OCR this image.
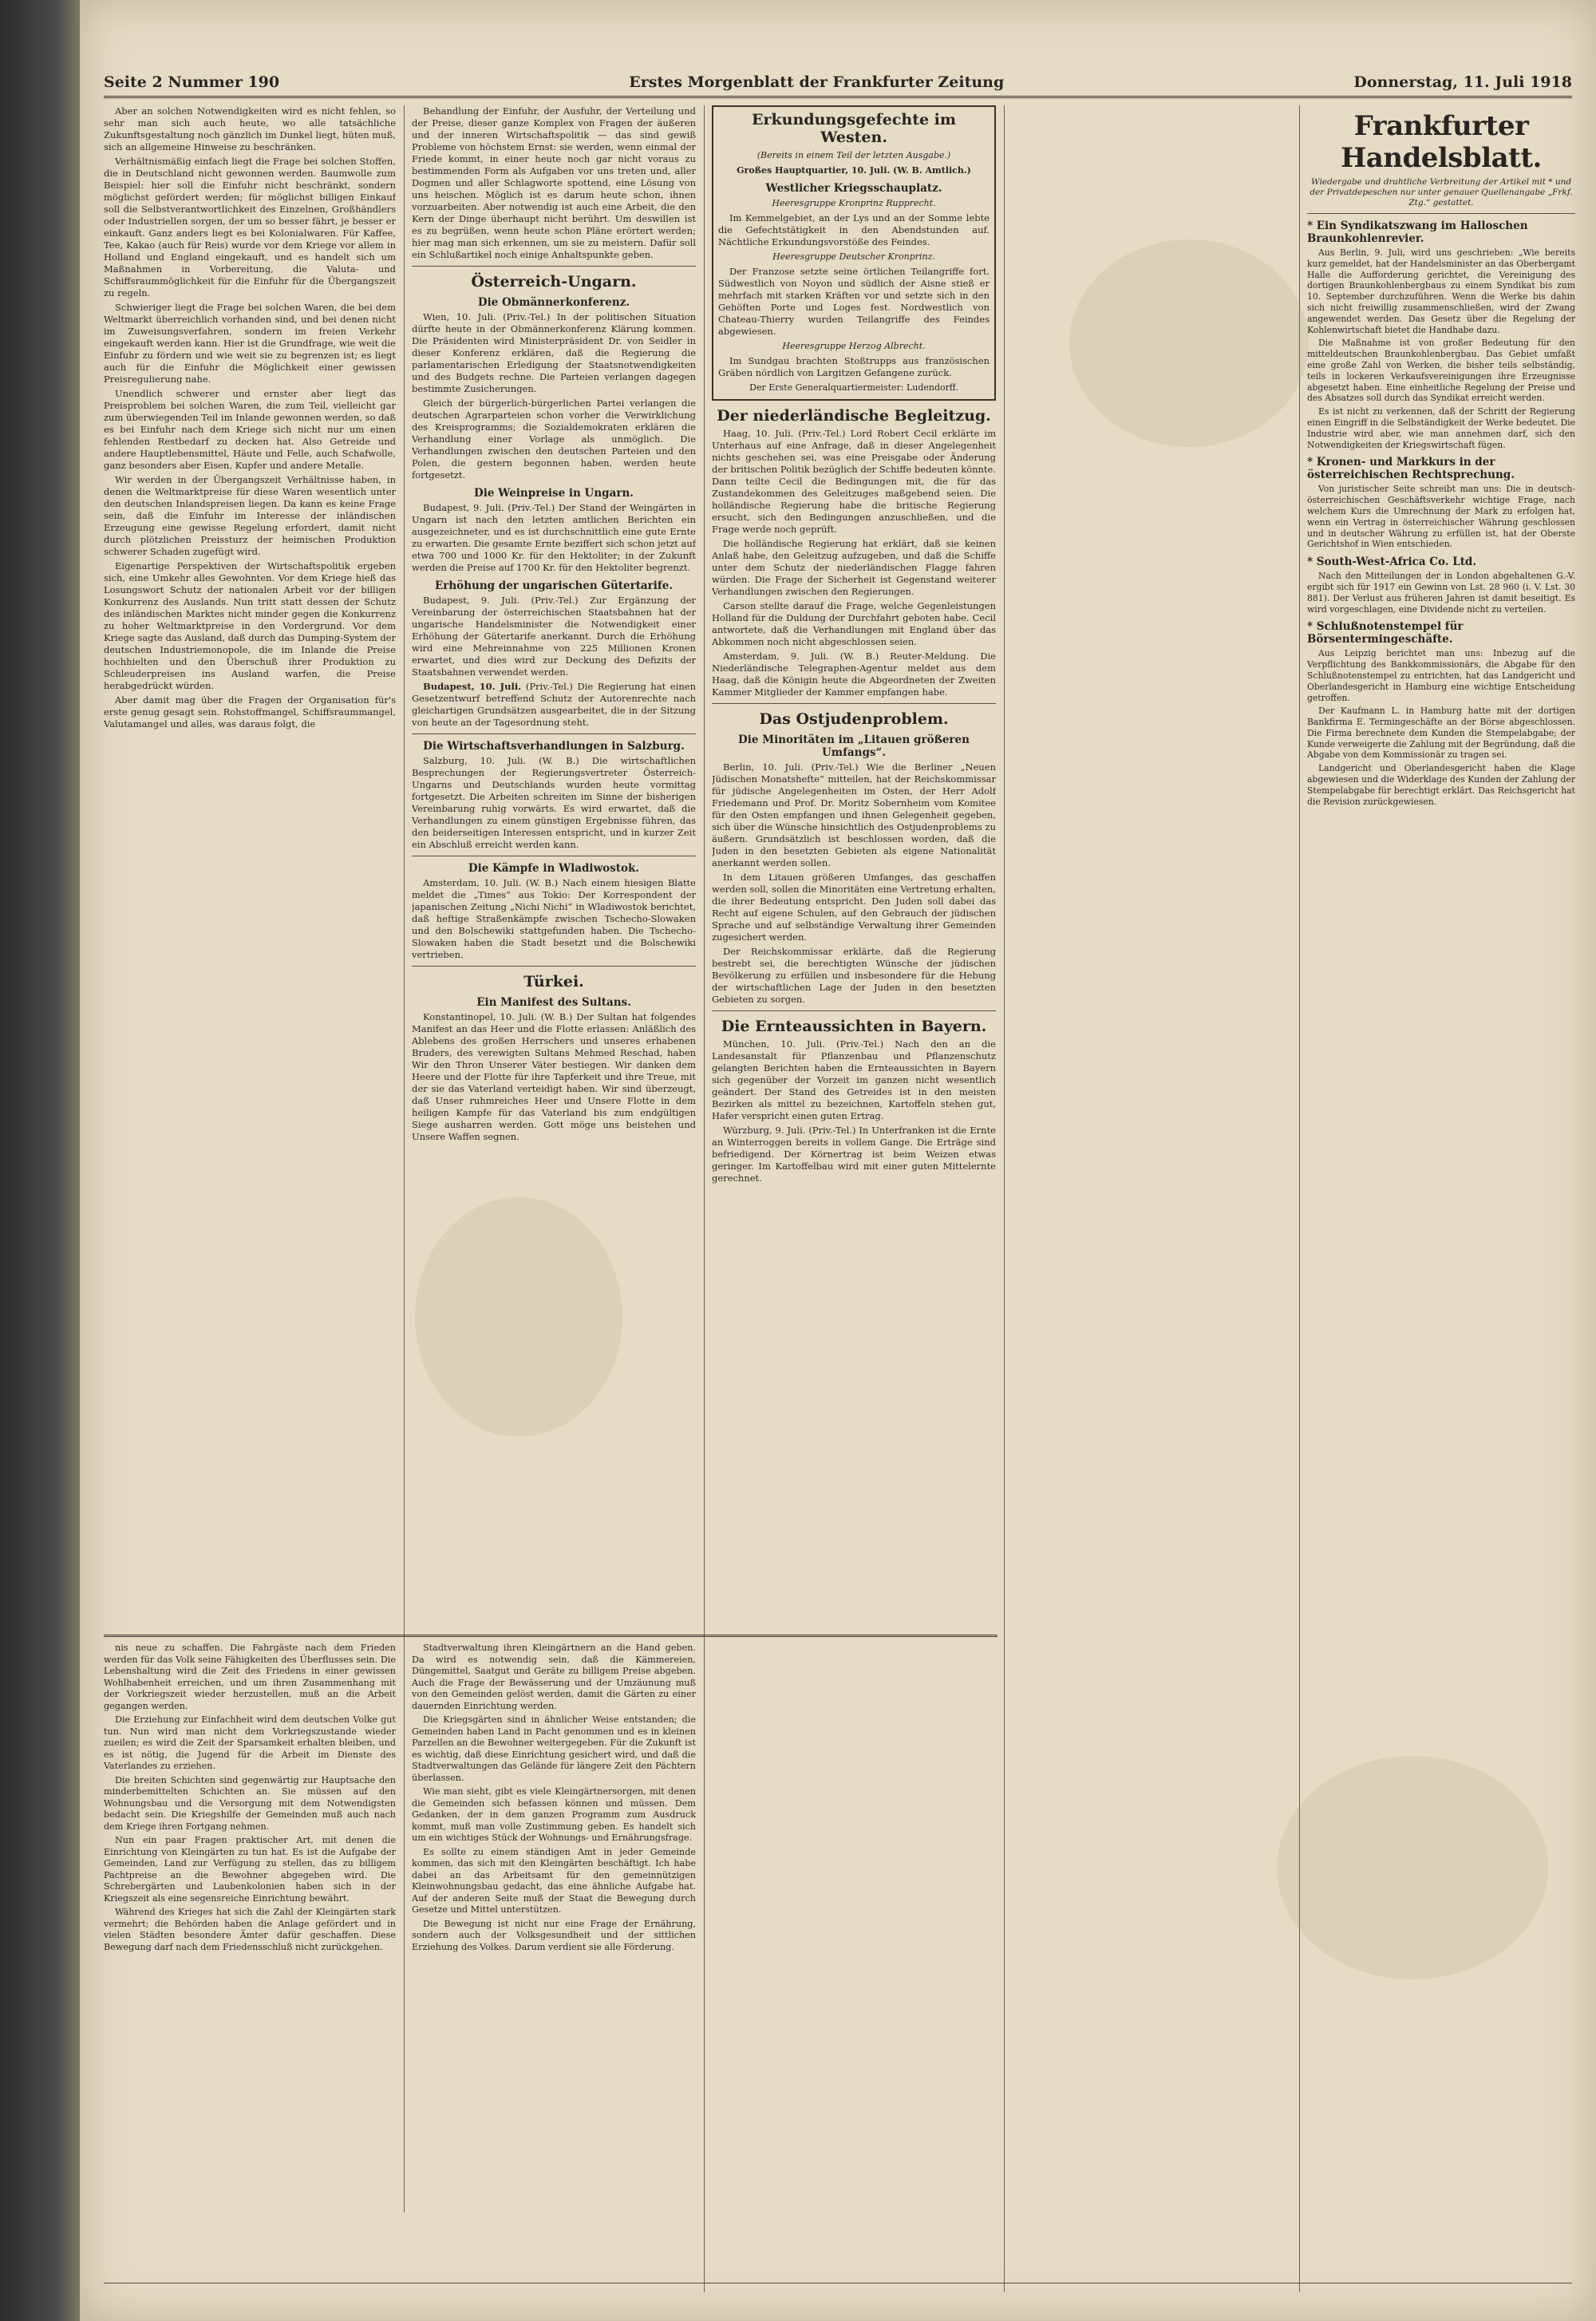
Seite 2 Nummer 190	Erstes Morgenblatt der Frankfurter Zeitung	Donnerstag, 11. Juli 1918

Aber an solchen Notwendigkeiten wird es nicht fehlen, so sehr man sich auch heute, wo alle tatsächliche Zukunftsgestaltung noch gänzlich im Dunkel liegt, hüten muß, sich an allgemeine Hinweise zu beschränken.

Verhältnismäßig einfach liegt die Frage bei solchen Stoffen, die in Deutschland nicht gewonnen werden. Baumwolle zum Beispiel: hier soll die Einfuhr nicht beschränkt, sondern möglichst gefördert werden; für möglichst billigen Einkauf soll die Selbstverantwortlichkeit des Einzelnen, Großhändlers oder Industriellen sorgen, der um so besser fährt, je besser er einkauft. Ganz anders liegt es bei Kolonialwaren. Für Kaffee, Tee, Kakao (auch für Reis) wurde vor dem Kriege vor allem in Holland und England eingekauft, und es handelt sich um Maßnahmen in Vorbereitung, die Valuta- und Schiffsraummöglichkeit für die Einfuhr für die Übergangszeit zu regeln.

Schwieriger liegt die Frage bei solchen Waren, die bei dem Weltmarkt überreichlich vorhanden sind, und bei denen nicht im Zuweisungsverfahren, sondern im freien Verkehr eingekauft werden kann. Hier ist die Grundfrage, wie weit die Einfuhr zu fördern und wie weit sie zu begrenzen ist; es liegt auch für die Einfuhr die Möglichkeit einer gewissen Preisregulierung nahe.

Unendlich schwerer und ernster aber liegt das Preisproblem bei solchen Waren, die zum Teil, vielleicht gar zum überwiegenden Teil im Inlande gewonnen werden, so daß es bei Einfuhr nach dem Kriege sich nicht nur um einen fehlenden Restbedarf zu decken hat. Also Getreide und andere Hauptlebensmittel, Häute und Felle, auch Schafwolle, ganz besonders aber Eisen, Kupfer und andere Metalle.

Wir werden in der Übergangszeit Verhältnisse haben, in denen die Weltmarktpreise für diese Waren wesentlich unter den deutschen Inlandspreisen liegen. Da kann es keine Frage sein, daß die Einfuhr im Interesse der inländischen Erzeugung eine gewisse Regelung erfordert, damit nicht durch plötzlichen Preissturz der heimischen Produktion schwerer Schaden zugefügt wird.

Eigenartige Perspektiven der Wirtschaftspolitik ergeben sich, eine Umkehr alles Gewohnten. Vor dem Kriege hieß das Losungswort Schutz der nationalen Arbeit vor der billigen Konkurrenz des Auslands. Nun tritt statt dessen der Schutz des inländischen Marktes nicht minder gegen die Konkurrenz zu hoher Weltmarktpreise in den Vordergrund. Vor dem Kriege sagte das Ausland, daß durch das Dumping-System der deutschen Industriemonopole, die im Inlande die Preise hochhielten und den Überschuß ihrer Produktion zu Schleuderpreisen ins Ausland warfen, die Preise herabgedrückt würden.

Aber damit mag über die Fragen der Organisation für's erste genug gesagt sein. Rohstoffmangel, Schiffsraummangel, Valutamangel und alles, was daraus folgt, die

Behandlung der Einfuhr, der Ausfuhr, der Verteilung und der Preise, dieser ganze Komplex von Fragen der äußeren und der inneren Wirtschaftspolitik — das sind gewiß Probleme von höchstem Ernst: sie werden, wenn einmal der Friede kommt, in einer heute noch gar nicht voraus zu bestimmenden Form als Aufgaben vor uns treten und, aller Dogmen und aller Schlagworte spottend, eine Lösung von uns heischen. Möglich ist es darum heute schon, ihnen vorzuarbeiten. Aber notwendig ist auch eine Arbeit, die den Kern der Dinge überhaupt nicht berührt. Um deswillen ist es zu begrüßen, wenn heute schon Pläne erörtert werden; hier mag man sich erkennen, um sie zu meistern. Dafür soll ein Schlußartikel noch einige Anhaltspunkte geben.

Österreich-Ungarn.
Die Obmännerkonferenz.

Wien, 10. Juli. (Priv.-Tel.) In der politischen Situation dürfte heute in der Obmännerkonferenz Klärung kommen. Die Präsidenten wird Ministerpräsident Dr. von Seidler in dieser Konferenz erklären, daß die Regierung die parlamentarischen Erledigung der Staatsnotwendigkeiten und des Budgets rechne. Die Parteien verlangen dagegen bestimmte Zusicherungen.

Gleich der bürgerlich-bürgerlichen Partei verlangen die deutschen Agrarparteien schon vorher die Verwirklichung des Kreisprogramms; die Sozialdemokraten erklären die Verhandlung einer Vorlage als unmöglich. Die Verhandlungen zwischen den deutschen Parteien und den Polen, die gestern begonnen haben, werden heute fortgesetzt.

Die Weinpreise in Ungarn.

Budapest, 9. Juli. (Priv.-Tel.) Der Stand der Weingärten in Ungarn ist nach den letzten amtlichen Berichten ein ausgezeichneter, und es ist durchschnittlich eine gute Ernte zu erwarten. Die gesamte Ernte beziffert sich schon jetzt auf etwa 700 und 1000 Kr. für den Hektoliter; in der Zukunft werden die Preise auf 1700 Kr. für den Hektoliter begrenzt.

Erhöhung der ungarischen Gütertarife.

Budapest, 9. Juli. (Priv.-Tel.) Zur Ergänzung der Vereinbarung der österreichischen Staatsbahnen hat der ungarische Handelsminister die Notwendigkeit einer Erhöhung der Gütertarife anerkannt. Durch die Erhöhung wird eine Mehreinnahme von 225 Millionen Kronen erwartet, und dies wird zur Deckung des Defizits der Staatsbahnen verwendet werden.

Budapest, 10. Juli. (Priv.-Tel.) Die Regierung hat einen Gesetzentwurf betreffend Schutz der Autorenrechte nach gleichartigen Grundsätzen ausgearbeitet, die in der Sitzung von heute an der Tagesordnung steht.

Die Wirtschaftsverhandlungen in Salzburg.

Salzburg, 10. Juli. (W. B.) Die wirtschaftlichen Besprechungen der Regierungsvertreter Österreich-Ungarns und Deutschlands wurden heute vormittag fortgesetzt. Die Arbeiten schreiten im Sinne der bisherigen Vereinbarung ruhig vorwärts. Es wird erwartet, daß die Verhandlungen zu einem günstigen Ergebnisse führen, das den beiderseitigen Interessen entspricht, und in kurzer Zeit ein Abschluß erreicht werden kann.

Die Kämpfe in Wladiwostok.

Amsterdam, 10. Juli. (W. B.) Nach einem hiesigen Blatte meldet die „Times“ aus Tokio: Der Korrespondent der japanischen Zeitung „Nichi Nichi“ in Wladiwostok berichtet, daß heftige Straßenkämpfe zwischen Tschecho-Slowaken und den Bolschewiki stattgefunden haben. Die Tschecho-Slowaken haben die Stadt besetzt und die Bolschewiki vertrieben.

Türkei.
Ein Manifest des Sultans.

Konstantinopel, 10. Juli. (W. B.) Der Sultan hat folgendes Manifest an das Heer und die Flotte erlassen: Anläßlich des Ablebens des großen Herrschers und unseres erhabenen Bruders, des verewigten Sultans Mehmed Reschad, haben Wir den Thron Unserer Väter bestiegen. Wir danken dem Heere und der Flotte für ihre Tapferkeit und ihre Treue, mit der sie das Vaterland verteidigt haben. Wir sind überzeugt, daß Unser ruhmreiches Heer und Unsere Flotte in dem heiligen Kampfe für das Vaterland bis zum endgültigen Siege ausharren werden. Gott möge uns beistehen und Unsere Waffen segnen.

Erkundungsgefechte im Westen.
(Bereits in einem Teil der letzten Ausgabe.)
Großes Hauptquartier, 10. Juli. (W. B. Amtlich.)
Westlicher Kriegsschauplatz.
Heeresgruppe Kronprinz Rupprecht.

Im Kemmelgebiet, an der Lys und an der Somme lebte die Gefechtstätigkeit in den Abendstunden auf. Nächtliche Erkundungsvorstöße des Feindes.

Heeresgruppe Deutscher Kronprinz.

Der Franzose setzte seine örtlichen Teilangriffe fort. Südwestlich von Noyon und südlich der Aisne stieß er mehrfach mit starken Kräften vor und setzte sich in den Gehöften Porte und Loges fest. Nordwestlich von Chateau-Thierry wurden Teilangriffe des Feindes abgewiesen.

Heeresgruppe Herzog Albrecht.

Im Sundgau brachten Stoßtrupps aus französischen Gräben nördlich von Largitzen Gefangene zurück.

Der Erste Generalquartiermeister: Ludendorff.
Der niederländische Begleitzug.

Haag, 10. Juli. (Priv.-Tel.) Lord Robert Cecil erklärte im Unterhaus auf eine Anfrage, daß in dieser Angelegenheit nichts geschehen sei, was eine Preisgabe oder Änderung der britischen Politik bezüglich der Schiffe bedeuten könnte. Dann teilte Cecil die Bedingungen mit, die für das Zustandekommen des Geleitzuges maßgebend seien. Die holländische Regierung habe die britische Regierung ersucht, sich den Bedingungen anzuschließen, und die Frage werde noch geprüft.

Die holländische Regierung hat erklärt, daß sie keinen Anlaß habe, den Geleitzug aufzugeben, und daß die Schiffe unter dem Schutz der niederländischen Flagge fahren würden. Die Frage der Sicherheit ist Gegenstand weiterer Verhandlungen zwischen den Regierungen.

Carson stellte darauf die Frage, welche Gegenleistungen Holland für die Duldung der Durchfahrt geboten habe. Cecil antwortete, daß die Verhandlungen mit England über das Abkommen noch nicht abgeschlossen seien.

Amsterdam, 9. Juli. (W. B.) Reuter-Meldung. Die Niederländische Telegraphen-Agentur meldet aus dem Haag, daß die Königin heute die Abgeordneten der Zweiten Kammer Mitglieder der Kammer empfangen habe.

Das Ostjudenproblem.
Die Minoritäten im „Litauen größeren Umfangs“.

Berlin, 10. Juli. (Priv.-Tel.) Wie die Berliner „Neuen Jüdischen Monatshefte“ mitteilen, hat der Reichskommissar für jüdische Angelegenheiten im Osten, der Herr Adolf Friedemann und Prof. Dr. Moritz Sobernheim vom Komitee für den Osten empfangen und ihnen Gelegenheit gegeben, sich über die Wünsche hinsichtlich des Ostjudenproblems zu äußern. Grundsätzlich ist beschlossen worden, daß die Juden in den besetzten Gebieten als eigene Nationalität anerkannt werden sollen.

In dem Litauen größeren Umfanges, das geschaffen werden soll, sollen die Minoritäten eine Vertretung erhalten, die ihrer Bedeutung entspricht. Den Juden soll dabei das Recht auf eigene Schulen, auf den Gebrauch der jüdischen Sprache und auf selbständige Verwaltung ihrer Gemeinden zugesichert werden.

Der Reichskommissar erklärte, daß die Regierung bestrebt sei, die berechtigten Wünsche der jüdischen Bevölkerung zu erfüllen und insbesondere für die Hebung der wirtschaftlichen Lage der Juden in den besetzten Gebieten zu sorgen.

Die Ernteaussichten in Bayern.

München, 10. Juli. (Priv.-Tel.) Nach den an die Landesanstalt für Pflanzenbau und Pflanzenschutz gelangten Berichten haben die Ernteaussichten in Bayern sich gegenüber der Vorzeit im ganzen nicht wesentlich geändert. Der Stand des Getreides ist in den meisten Bezirken als mittel zu bezeichnen, Kartoffeln stehen gut, Hafer verspricht einen guten Ertrag.

Würzburg, 9. Juli. (Priv.-Tel.) In Unterfranken ist die Ernte an Winterroggen bereits in vollem Gange. Die Erträge sind befriedigend. Der Körnertrag ist beim Weizen etwas geringer. Im Kartoffelbau wird mit einer guten Mittelernte gerechnet.

Frankfurter Handelsblatt.
Wiedergabe und drahtliche Verbreitung der Artikel mit * und der Privatdepeschen nur unter genauer Quellenangabe „Frkf. Ztg.“ gestattet.
* Ein Syndikatszwang im Halloschen Braunkohlenrevier.

Aus Berlin, 9. Juli, wird uns geschrieben: „Wie bereits kurz gemeldet, hat der Handelsminister an das Oberbergamt Halle die Aufforderung gerichtet, die Vereinigung des dortigen Braunkohlenbergbaus zu einem Syndikat bis zum 10. September durchzuführen. Wenn die Werke bis dahin sich nicht freiwillig zusammenschließen, wird der Zwang angewendet werden. Das Gesetz über die Regelung der Kohlenwirtschaft bietet die Handhabe dazu.

Die Maßnahme ist von großer Bedeutung für den mitteldeutschen Braunkohlenbergbau. Das Gebiet umfaßt eine große Zahl von Werken, die bisher teils selbständig, teils in lockeren Verkaufsvereinigungen ihre Erzeugnisse abgesetzt haben. Eine einheitliche Regelung der Preise und des Absatzes soll durch das Syndikat erreicht werden.

Es ist nicht zu verkennen, daß der Schritt der Regierung einen Eingriff in die Selbständigkeit der Werke bedeutet. Die Industrie wird aber, wie man annehmen darf, sich den Notwendigkeiten der Kriegswirtschaft fügen.

* Kronen- und Markkurs in der österreichischen Rechtsprechung.

Von juristischer Seite schreibt man uns: Die in deutsch-österreichischen Geschäftsverkehr wichtige Frage, nach welchem Kurs die Umrechnung der Mark zu erfolgen hat, wenn ein Vertrag in österreichischer Währung geschlossen und in deutscher Währung zu erfüllen ist, hat der Oberste Gerichtshof in Wien entschieden.

* South-West-Africa Co. Ltd.

Nach den Mitteilungen der in London abgehaltenen G.-V. ergibt sich für 1917 ein Gewinn von Lst. 28 960 (i. V. Lst. 30 881). Der Verlust aus früheren Jahren ist damit beseitigt. Es wird vorgeschlagen, eine Dividende nicht zu verteilen.

* Schlußnotenstempel für Börsentermingeschäfte.

Aus Leipzig berichtet man uns: Inbezug auf die Verpflichtung des Bankkommissionärs, die Abgabe für den Schlußnotenstempel zu entrichten, hat das Landgericht und Oberlandesgericht in Hamburg eine wichtige Entscheidung getroffen.

Der Kaufmann L. in Hamburg hatte mit der dortigen Bankfirma E. Termingeschäfte an der Börse abgeschlossen. Die Firma berechnete dem Kunden die Stempelabgabe; der Kunde verweigerte die Zahlung mit der Begründung, daß die Abgabe von dem Kommissionär zu tragen sei.

Landgericht und Oberlandesgericht haben die Klage abgewiesen und die Widerklage des Kunden der Zahlung der Stempelabgabe für berechtigt erklärt. Das Reichsgericht hat die Revision zurückgewiesen.

nis neue zu schaffen. Die Fahrgäste nach dem Frieden werden für das Volk seine Fähigkeiten des Überflusses sein. Die Lebenshaltung wird die Zeit des Friedens in einer gewissen Wohlhabenheit erreichen, und um ihren Zusammenhang mit der Vorkriegszeit wieder herzustellen, muß an die Arbeit gegangen werden.

Die Erziehung zur Einfachheit wird dem deutschen Volke gut tun. Nun wird man nicht dem Vorkriegszustande wieder zueilen; es wird die Zeit der Sparsamkeit erhalten bleiben, und es ist nötig, die Jugend für die Arbeit im Dienste des Vaterlandes zu erziehen.

Die breiten Schichten sind gegenwärtig zur Hauptsache den minderbemittelten Schichten an. Sie müssen auf den Wohnungsbau und die Versorgung mit dem Notwendigsten bedacht sein. Die Kriegshilfe der Gemeinden muß auch nach dem Kriege ihren Fortgang nehmen.

Nun ein paar Fragen praktischer Art, mit denen die Einrichtung von Kleingärten zu tun hat. Es ist die Aufgabe der Gemeinden, Land zur Verfügung zu stellen, das zu billigem Pachtpreise an die Bewohner abgegeben wird. Die Schrebergärten und Laubenkolonien haben sich in der Kriegszeit als eine segensreiche Einrichtung bewährt.

Während des Krieges hat sich die Zahl der Kleingärten stark vermehrt; die Behörden haben die Anlage gefördert und in vielen Städten besondere Ämter dafür geschaffen. Diese Bewegung darf nach dem Friedensschluß nicht zurückgehen.

Stadtverwaltung ihren Kleingärtnern an die Hand geben. Da wird es notwendig sein, daß die Kämmereien, Düngemittel, Saatgut und Geräte zu billigem Preise abgeben. Auch die Frage der Bewässerung und der Umzäunung muß von den Gemeinden gelöst werden, damit die Gärten zu einer dauernden Einrichtung werden.

Die Kriegsgärten sind in ähnlicher Weise entstanden; die Gemeinden haben Land in Pacht genommen und es in kleinen Parzellen an die Bewohner weitergegeben. Für die Zukunft ist es wichtig, daß diese Einrichtung gesichert wird, und daß die Stadtverwaltungen das Gelände für längere Zeit den Pächtern überlassen.

Wie man sieht, gibt es viele Kleingärtnersorgen, mit denen die Gemeinden sich befassen können und müssen. Dem Gedanken, der in dem ganzen Programm zum Ausdruck kommt, muß man volle Zustimmung geben. Es handelt sich um ein wichtiges Stück der Wohnungs- und Ernährungsfrage.

Es sollte zu einem ständigen Amt in jeder Gemeinde kommen, das sich mit den Kleingärten beschäftigt. Ich habe dabei an das Arbeitsamt für den gemeinnützigen Kleinwohnungsbau gedacht, das eine ähnliche Aufgabe hat. Auf der anderen Seite muß der Staat die Bewegung durch Gesetze und Mittel unterstützen.

Die Bewegung ist nicht nur eine Frage der Ernährung, sondern auch der Volksgesundheit und der sittlichen Erziehung des Volkes. Darum verdient sie alle Förderung.
